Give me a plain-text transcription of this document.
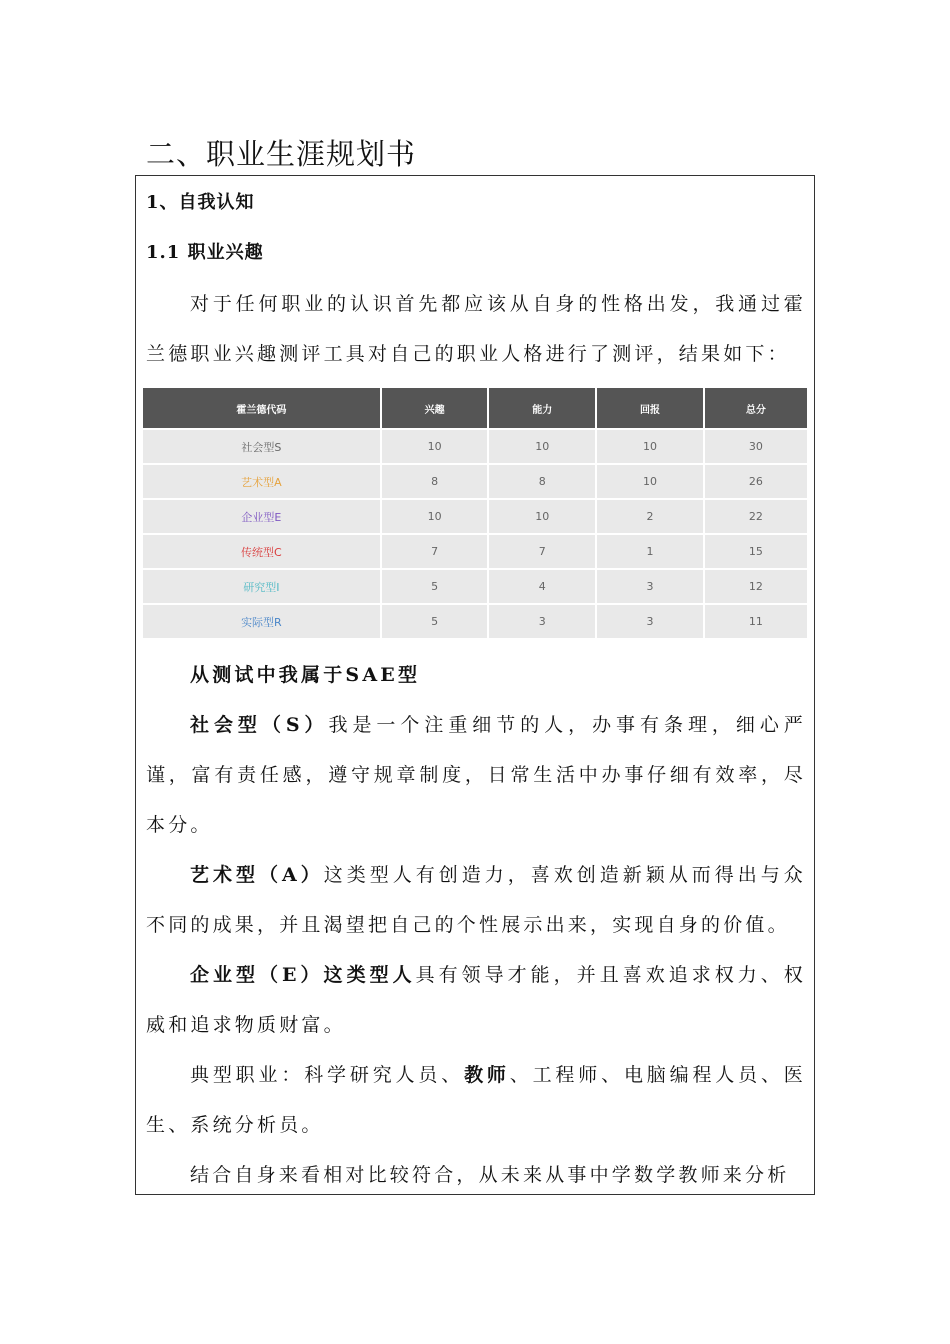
二、职业生涯规划书
1、自我认知
1.1 职业兴趣
对于任何职业的认识首先都应该从自身的性格出发，我通过霍兰德职业兴趣测评工具对自己的职业人格进行了测评，结果如下：
霍兰德代码	兴趣	能力	回报	总分
社会型S	10	10	10	30
艺术型A	8	8	10	26
企业型E	10	10	2	22
传统型C	7	7	1	15
研究型I	5	4	3	12
实际型R	5	3	3	11
从测试中我属于SAE型
社会型（S）我是一个注重细节的人，办事有条理，细心严谨，富有责任感，遵守规章制度，日常生活中办事仔细有效率，尽本分。
艺术型（A）这类型人有创造力，喜欢创造新颖从而得出与众不同的成果，并且渴望把自己的个性展示出来，实现自身的价值。
企业型（E）这类型人具有领导才能，并且喜欢追求权力、权威和追求物质财富。
典型职业：科学研究人员、教师、工程师、电脑编程人员、医生、系统分析员。
结合自身来看相对比较符合，从未来从事中学数学教师来分析
